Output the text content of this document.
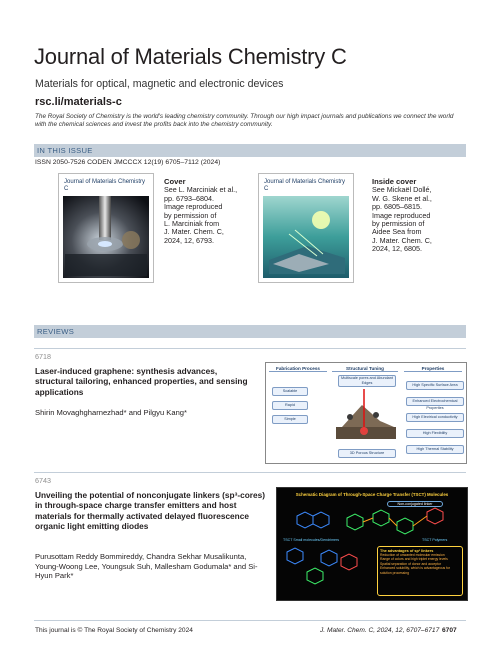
Journal of Materials Chemistry C
Materials for optical, magnetic and electronic devices
rsc.li/materials-c
The Royal Society of Chemistry is the world's leading chemistry community. Through our high impact journals and publications we connect the world with the chemical sciences and invest the profits back into the chemistry community.
IN THIS ISSUE
ISSN 2050-7526 CODEN JMCCCX 12(19) 6705–7112 (2024)
Journal of Materials Chemistry C
Cover
See L. Marciniak et al.,
pp. 6793–6804.
Image reproduced
by permission of
L. Marciniak from
J. Mater. Chem. C,
2024, 12, 6793.
Journal of Materials Chemistry C
Inside cover
See Mickaël Dollé,
W. G. Skene et al.,
pp. 6805–6815.
Image reproduced
by permission of
Aidee Sea from
J. Mater. Chem. C,
2024, 12, 6805.
REVIEWS
6718
Laser-induced graphene: synthesis advances, structural tailoring, enhanced properties, and sensing applications
Shirin Movaghgharnezhad* and Pilgyu Kang*
Fabrication Process	Structural Tuning	Properties
Scalable
Rapid
Simple
Multiscale pores and Abundant Edges
3D Porous Structure
High Specific Surface Area
Enhanced Electrochemical Properties
High Electrical conductivity
High Flexibility
High Thermal Stability
6743
Unveiling the potential of nonconjugate linkers (sp³-cores) in through-space charge transfer emitters and host materials for thermally activated delayed fluorescence organic light emitting diodes
Purusottam Reddy Bommireddy, Chandra Sekhar Musalikunta, Young-Woong Lee, Youngsuk Suh, Mallesham Godumala* and Si-Hyun Park*
Schematic Diagram of Through-Space Charge Transfer (TSCT) Molecules
Non-conjugated linker
TSCT Small molecules/Dendrimers	TSCT Polymers
The advantages of sp³ linkers
Reduction of unwanted molecular emission
Range of colors and high triplet energy levels
Spatial separation of donor and acceptor
Enhanced solubility, which is advantageous for solution processing
This journal is © The Royal Society of Chemistry 2024	J. Mater. Chem. C, 2024, 12, 6707–6717 6707
